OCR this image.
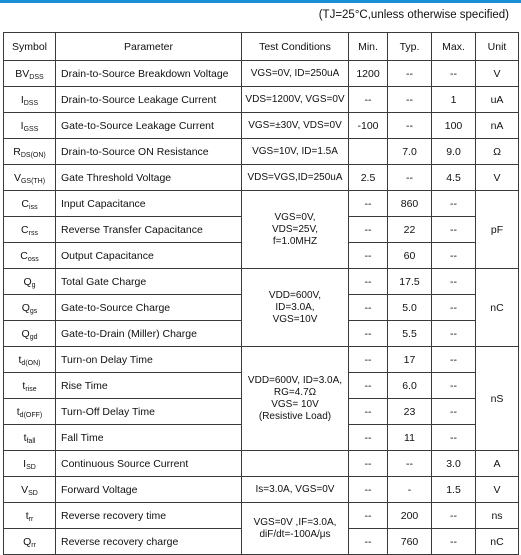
(TJ=25°C,unless otherwise specified)
Symbol	Parameter	Test Conditions	Min.	Typ.	Max.	Unit
$BV_{DSS}$	Drain-to-Source Breakdown Voltage	VGS=0V, ID=250uA	1200	--	--	V
$I_{DSS}$	Drain-to-Source Leakage Current	VDS=1200V, VGS=0V	--	--	1	uA
$I_{GSS}$	Gate-to-Source Leakage Current	VGS=±30V, VDS=0V	-100	--	100	nA
$R_{DS(ON)}$	Drain-to-Source ON Resistance	VGS=10V, ID=1.5A		7.0	9.0	Ω
$V_{GS(TH)}$	Gate Threshold Voltage	VDS=VGS,ID=250uA	2.5	--	4.5	V
$C_{iss}$	Input Capacitance	VGS=0V,
VDS=25V,
f=1.0MHZ	--	860	--	pF
$C_{rss}$	Reverse Transfer Capacitance		--	22	--	
$C_{oss}$	Output Capacitance		--	60	--	
$Q_g$	Total Gate Charge	VDD=600V,
ID=3.0A,
VGS=10V	--	17.5	--	nC
$Q_{gs}$	Gate-to-Source Charge		--	5.0	--	
$Q_{gd}$	Gate-to-Drain (Miller) Charge		--	5.5	--	
$t_{d(ON)}$	Turn-on Delay Time	VDD=600V, ID=3.0A,
RG=4.7Ω
VGS= 10V
(Resistive Load)	--	17	--	nS
$t_{rise}$	Rise Time		--	6.0	--	
$t_{d(OFF)}$	Turn-Off Delay Time		--	23	--	
$t_{fall}$	Fall Time		--	11	--	
$I_{SD}$	Continuous Source Current		--	--	3.0	A
$V_{SD}$	Forward Voltage	Is=3.0A, VGS=0V	--	-	1.5	V
$t_{rr}$	Reverse recovery time	VGS=0V ,IF=3.0A,
diF/dt=-100A/μs	--	200	--	ns
$Q_{rr}$	Reverse recovery charge		--	760	--	nC
